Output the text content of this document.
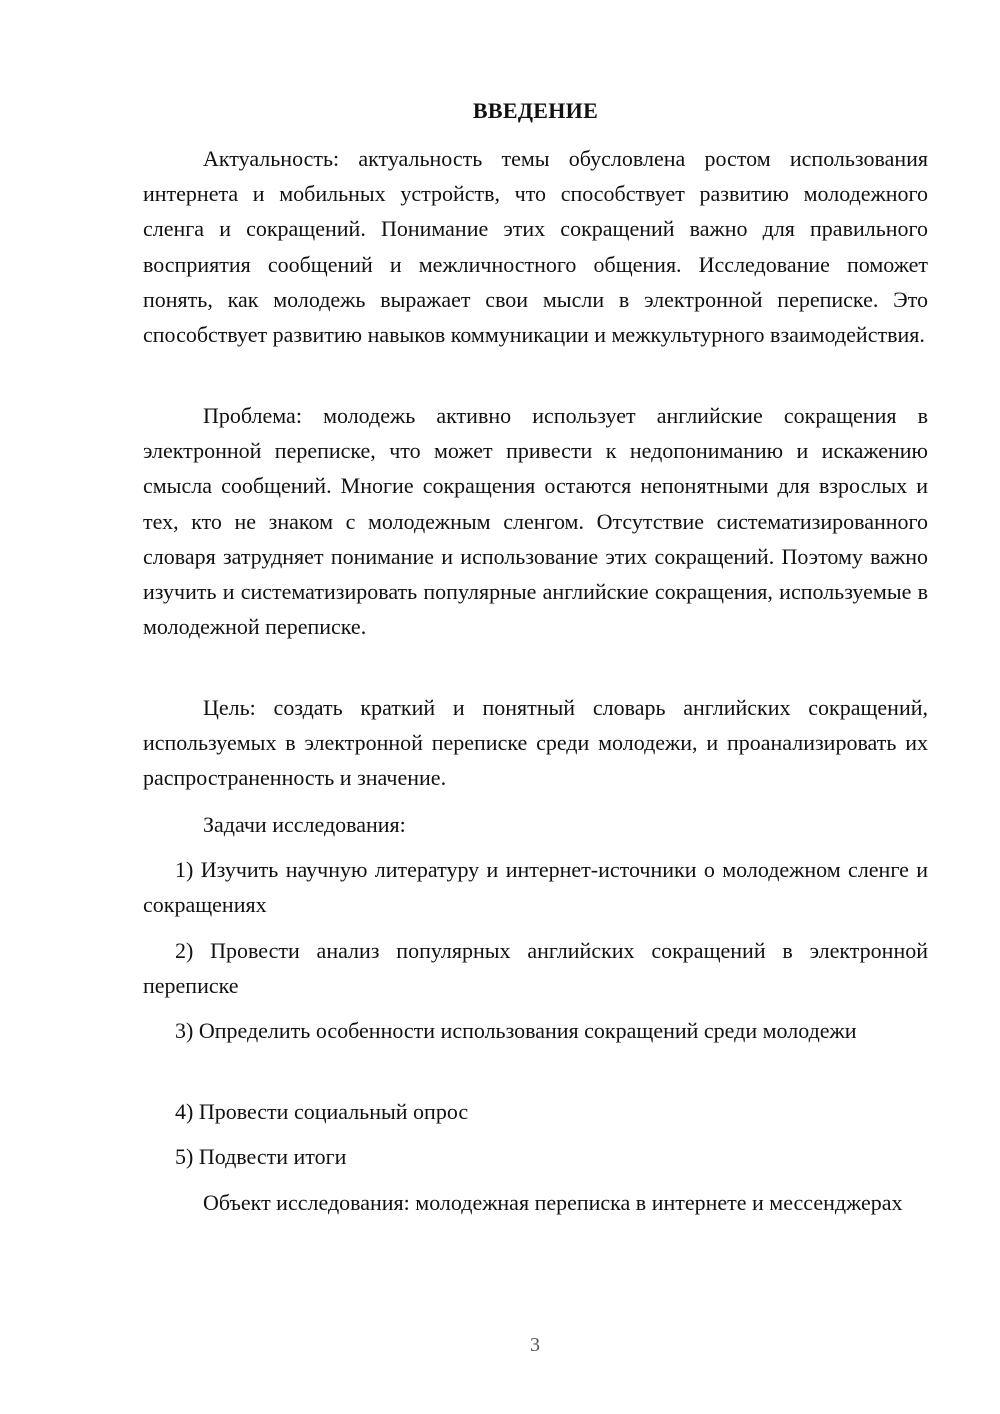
ВВЕДЕНИЕ

Актуальность: актуальность темы обусловлена ростом использования интернета и мобильных устройств, что способствует развитию молодежного сленга и сокращений. Понимание этих сокращений важно для правильного восприятия сообщений и межличностного общения. Исследование поможет понять, как молодежь выражает свои мысли в электронной переписке. Это способствует развитию навыков коммуникации и межкультурного взаимодействия.

Проблема: молодежь активно использует английские сокращения в электронной переписке, что может привести к недопониманию и искажению смысла сообщений. Многие сокращения остаются непонятными для взрослых и тех, кто не знаком с молодежным сленгом. Отсутствие систематизированного словаря затрудняет понимание и использование этих сокращений. Поэтому важно изучить и систематизировать популярные английские сокращения, используемые в молодежной переписке.

Цель: создать краткий и понятный словарь английских сокращений, используемых в электронной переписке среди молодежи, и проанализировать их распространенность и значение.

Задачи исследования:

1) Изучить научную литературу и интернет-источники о молодежном сленге и сокращениях

2) Провести анализ популярных английских сокращений в электронной переписке

3) Определить особенности использования сокращений среди молодежи

4) Провести социальный опрос

5) Подвести итоги

Объект исследования: молодежная переписка в интернете и мессенджерах

3
